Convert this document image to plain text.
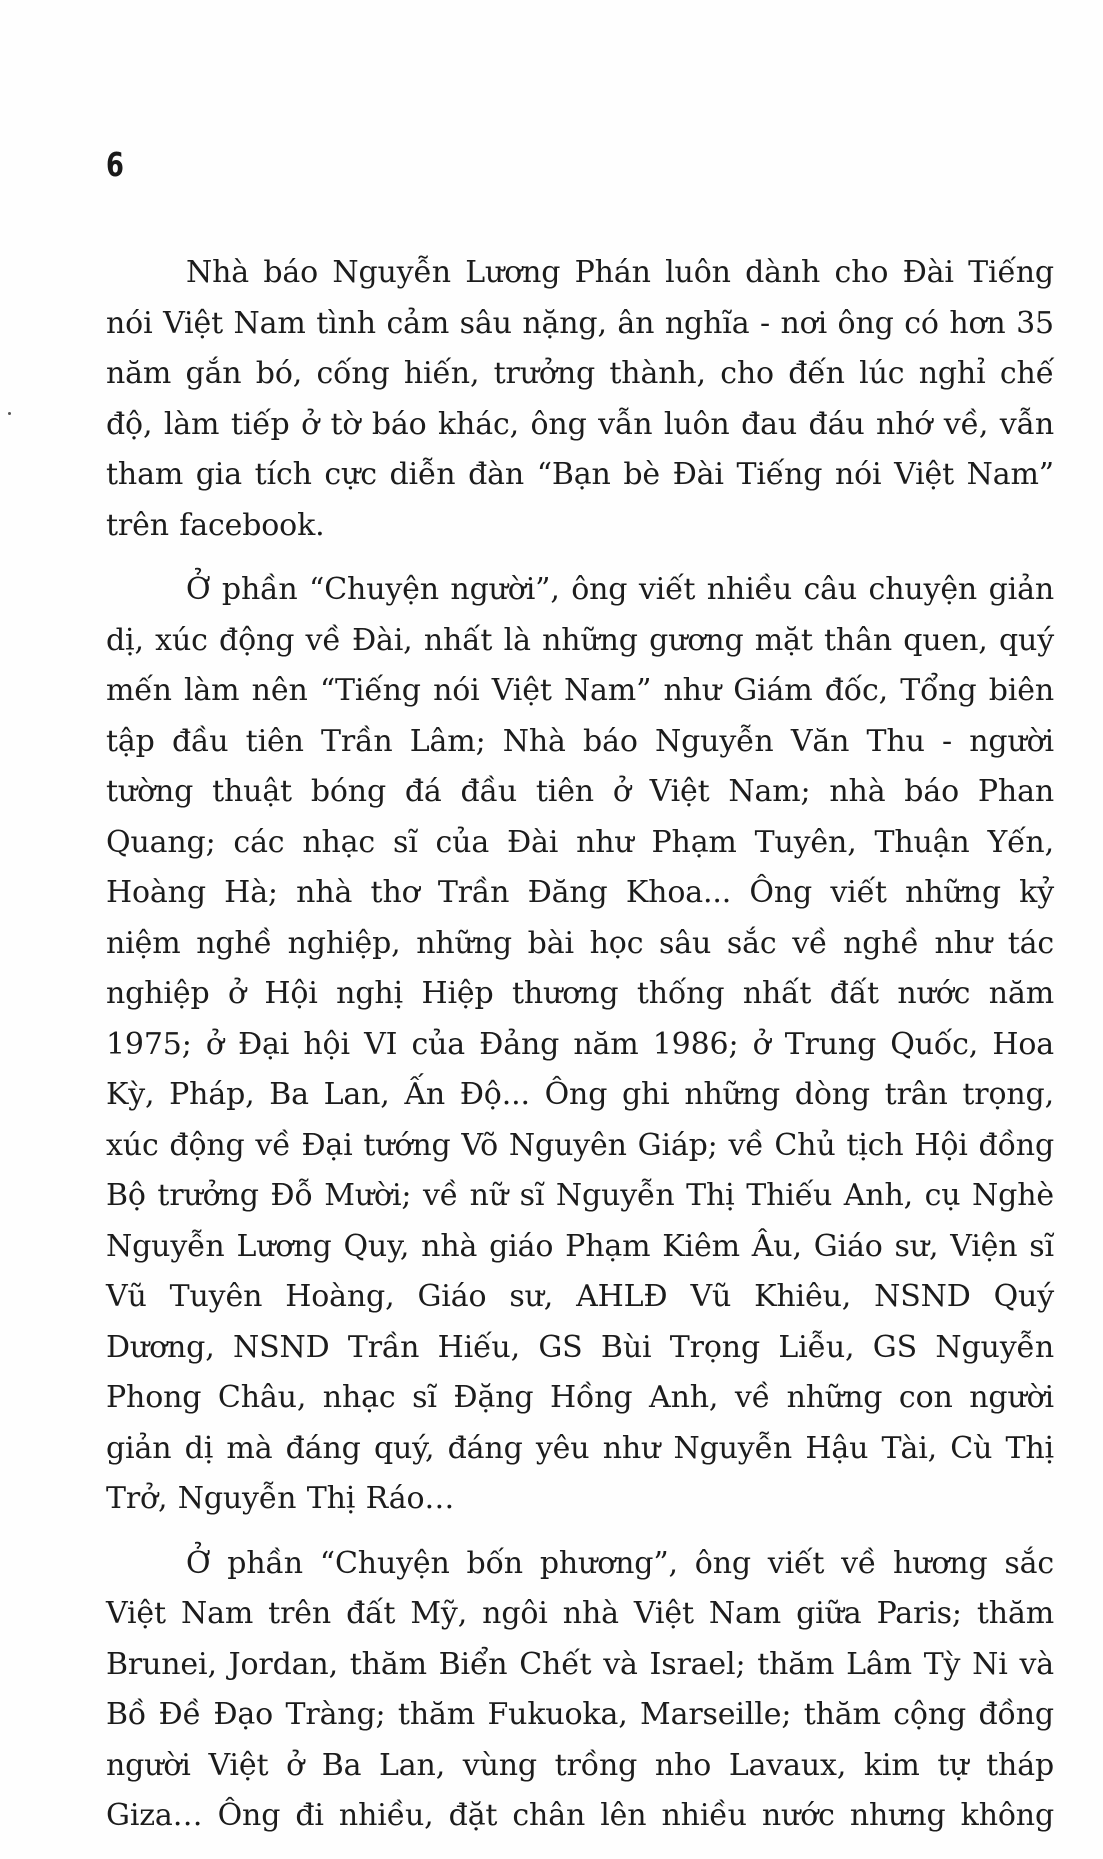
6

Nhà báo Nguyễn Lương Phán luôn dành cho Đài Tiếng nói Việt Nam tình cảm sâu nặng, ân nghĩa - nơi ông có hơn 35 năm gắn bó, cống hiến, trưởng thành, cho đến lúc nghỉ chế độ, làm tiếp ở tờ báo khác, ông vẫn luôn đau đáu nhớ về, vẫn tham gia tích cực diễn đàn “Bạn bè Đài Tiếng nói Việt Nam” trên facebook.

Ở phần “Chuyện người”, ông viết nhiều câu chuyện giản dị, xúc động về Đài, nhất là những gương mặt thân quen, quý mến làm nên “Tiếng nói Việt Nam” như Giám đốc, Tổng biên tập đầu tiên Trần Lâm; Nhà báo Nguyễn Văn Thu - người tường thuật bóng đá đầu tiên ở Việt Nam; nhà báo Phan Quang; các nhạc sĩ của Đài như Phạm Tuyên, Thuận Yến, Hoàng Hà; nhà thơ Trần Đăng Khoa... Ông viết những kỷ niệm nghề nghiệp, những bài học sâu sắc về nghề như tác nghiệp ở Hội nghị Hiệp thương thống nhất đất nước năm 1975; ở Đại hội VI của Đảng năm 1986; ở Trung Quốc, Hoa Kỳ, Pháp, Ba Lan, Ấn Độ... Ông ghi những dòng trân trọng, xúc động về Đại tướng Võ Nguyên Giáp; về Chủ tịch Hội đồng Bộ trưởng Đỗ Mười; về nữ sĩ Nguyễn Thị Thiếu Anh, cụ Nghè Nguyễn Lương Quy, nhà giáo Phạm Kiêm Âu, Giáo sư, Viện sĩ Vũ Tuyên Hoàng, Giáo sư, AHLĐ Vũ Khiêu, NSND Quý Dương, NSND Trần Hiếu, GS Bùi Trọng Liễu, GS Nguyễn Phong Châu, nhạc sĩ Đặng Hồng Anh, về những con người giản dị mà đáng quý, đáng yêu như Nguyễn Hậu Tài, Cù Thị Trở, Nguyễn Thị Ráo…

Ở phần “Chuyện bốn phương”, ông viết về hương sắc Việt Nam trên đất Mỹ, ngôi nhà Việt Nam giữa Paris; thăm Brunei, Jordan, thăm Biển Chết và Israel; thăm Lâm Tỳ Ni và Bồ Đề Đạo Tràng; thăm Fukuoka, Marseille; thăm cộng đồng người Việt ở Ba Lan, vùng trồng nho Lavaux, kim tự tháp Giza… Ông đi nhiều, đặt chân lên nhiều nước nhưng không
